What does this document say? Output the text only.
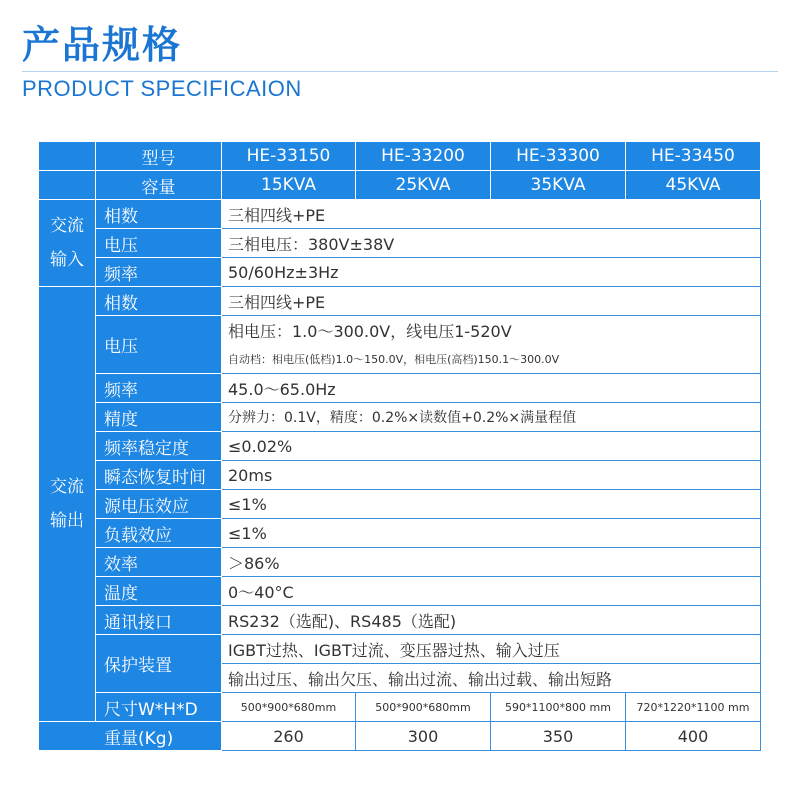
产品规格
PRODUCT SPECIFICAION
	型号	HE-33150	HE-33200	HE-33300	HE-33450
	容量	15KVA	25KVA	35KVA	45KVA

交流
输入	相数	三相四线+PE			
	电压	三相电压：380V±38V			
	频率	50/60Hz±3Hz			

交流
输出	相数	三相四线+PE			
	电压	相电压：1.0～300.0V，线电压1-520V			
		自动档：相电压(低档)1.0～150.0V，相电压(高档)150.1～300.0V			
	频率	45.0～65.0Hz			
	精度	分辨力：0.1V，精度：0.2%×读数值+0.2%×满量程值			
	频率稳定度	≤0.02%			
	瞬态恢复时间	20ms			
	源电压效应	≤1%			
	负载效应	≤1%			
	效率	＞86%			
	温度	0～40°C			
	通讯接口	RS232（选配)、RS485（选配)			
	保护装置	IGBT过热、IGBT过流、变压器过热、输入过压			
		输出过压、输出欠压、输出过流、输出过载、输出短路			
	尺寸W*H*D	500*900*680mm	500*900*680mm	590*1100*800 mm	720*1220*1100 mm
重量(Kg)		260	300	350	400
